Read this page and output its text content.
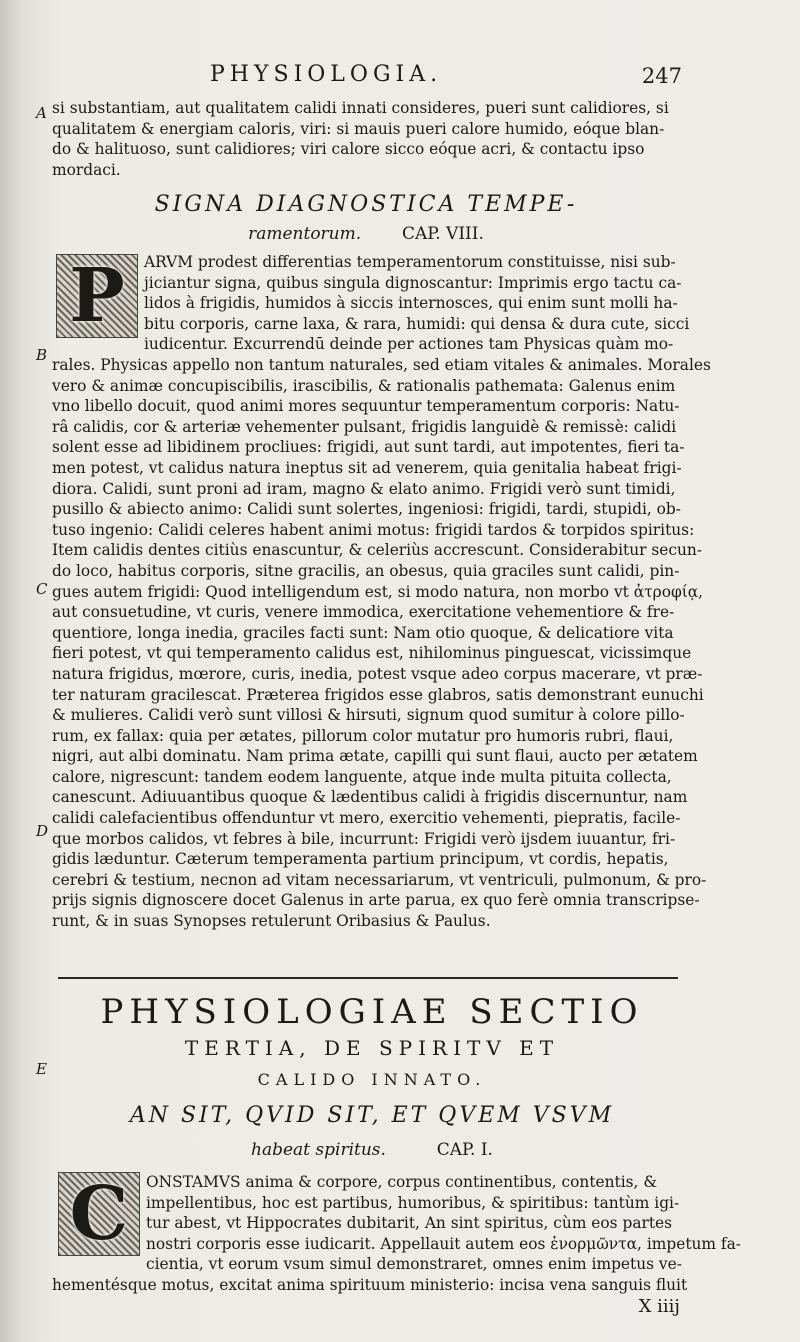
PHYSIOLOGIA.	247
A
B
C
D
E
si substantiam, aut qualitatem calidi innati consideres, pueri sunt calidiores, si
qualitatem & energiam caloris, viri: si mauis pueri calore humido, eóque blan-
do & halituoso, sunt calidiores; viri calore sicco eóque acri, & contactu ipso
mordaci.
SIGNA DIAGNOSTICA TEMPE-
ramentorum. CAP. VIII.
P	ARVM prodest differentias temperamentorum constituisse, nisi sub-
jiciantur signa, quibus singula dignoscantur: Imprimis ergo tactu ca-
lidos à frigidis, humidos à siccis internosces, qui enim sunt molli ha-
bitu corporis, carne laxa, & rara, humidi: qui densa & dura cute, sicci
iudicentur. Excurrendū deinde per actiones tam Physicas quàm mo-
rales. Physicas appello non tantum naturales, sed etiam vitales & animales. Morales
vero & animæ concupiscibilis, irascibilis, & rationalis pathemata: Galenus enim
vno libello docuit, quod animi mores sequuntur temperamentum corporis: Natu-
râ calidis, cor & arteriæ vehementer pulsant, frigidis languidè & remissè: calidi
solent esse ad libidinem procliues: frigidi, aut sunt tardi, aut impotentes, fieri ta-
men potest, vt calidus natura ineptus sit ad venerem, quia genitalia habeat frigi-
diora. Calidi, sunt proni ad iram, magno & elato animo. Frigidi verò sunt timidi,
pusillo & abiecto animo: Calidi sunt solertes, ingeniosi: frigidi, tardi, stupidi, ob-
tuso ingenio: Calidi celeres habent animi motus: frigidi tardos & torpidos spiritus:
Item calidis dentes citiùs enascuntur, & celeriùs accrescunt. Considerabitur secun-
do loco, habitus corporis, sitne gracilis, an obesus, quia graciles sunt calidi, pin-
gues autem frigidi: Quod intelligendum est, si modo natura, non morbo vt ἀτροφίᾳ,
aut consuetudine, vt curis, venere immodica, exercitatione vehementiore & fre-
quentiore, longa inedia, graciles facti sunt: Nam otio quoque, & delicatiore vita
fieri potest, vt qui temperamento calidus est, nihilominus pinguescat, vicissimque
natura frigidus, mœrore, curis, inedia, potest vsque adeo corpus macerare, vt præ-
ter naturam gracilescat. Præterea frigidos esse glabros, satis demonstrant eunuchi
& mulieres. Calidi verò sunt villosi & hirsuti, signum quod sumitur à colore pillo-
rum, ex fallax: quia per ætates, pillorum color mutatur pro humoris rubri, flaui,
nigri, aut albi dominatu. Nam prima ætate, capilli qui sunt flaui, aucto per ætatem
calore, nigrescunt: tandem eodem languente, atque inde multa pituita collecta,
canescunt. Adiuuantibus quoque & lædentibus calidi à frigidis discernuntur, nam
calidi calefacientibus offenduntur vt mero, exercitio vehementi, piepratis, facile-
que morbos calidos, vt febres à bile, incurrunt: Frigidi verò ijsdem iuuantur, fri-
gidis læduntur. Cæterum temperamenta partium principum, vt cordis, hepatis,
cerebri & testium, necnon ad vitam necessariarum, vt ventriculi, pulmonum, & pro-
prijs signis dignoscere docet Galenus in arte parua, ex quo ferè omnia transcripse-
runt, & in suas Synopses retulerunt Oribasius & Paulus.
PHYSIOLOGIAE SECTIO
TERTIA, DE SPIRITV ET
CALIDO INNATO.
AN SIT, QVID SIT, ET QVEM VSVM
habeat spiritus.	CAP. I.
C	ONSTAMVS anima & corpore, corpus continentibus, contentis, &
impellentibus, hoc est partibus, humoribus, & spiritibus: tantùm igi-
tur abest, vt Hippocrates dubitarit, An sint spiritus, cùm eos partes
nostri corporis esse iudicarit. Appellauit autem eos ἐνορμῶντα, impetum fa-
cientia, vt eorum vsum simul demonstraret, omnes enim impetus ve-
hementésque motus, excitat anima spirituum ministerio: incisa vena sanguis fluit
X iiij
